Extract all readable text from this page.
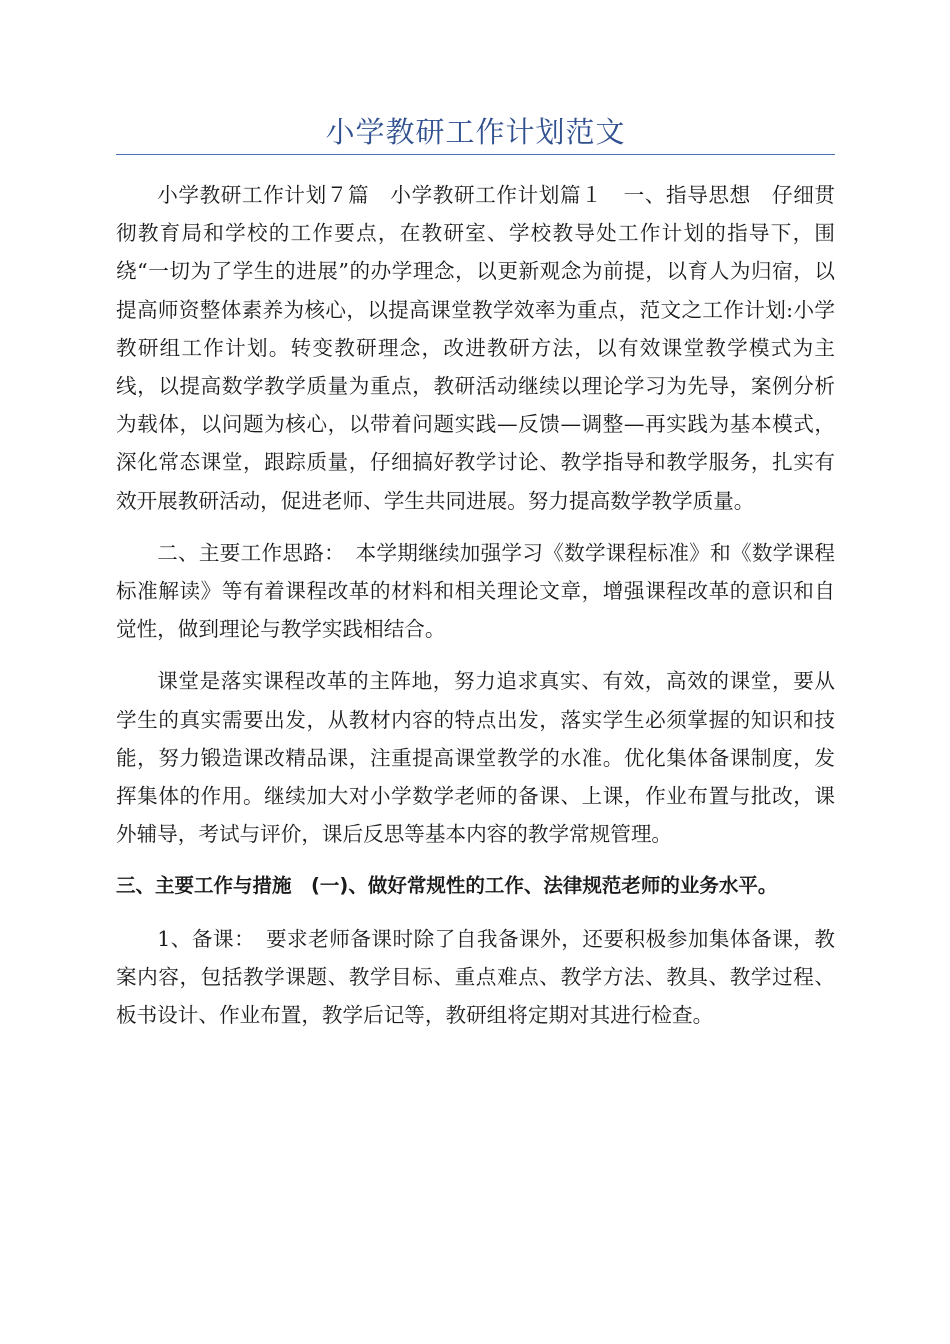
小学教研工作计划范文

小学教研工作计划７篇　小学教研工作计划篇１　一、指导思想　仔细贯彻教育局和学校的工作要点，在教研室、学校教导处工作计划的指导下，围绕“一切为了学生的进展”的办学理念，以更新观念为前提，以育人为归宿，以提高师资整体素养为核心，以提高课堂教学效率为重点，范文之工作计划:小学教研组工作计划。转变教研理念，改进教研方法，以有效课堂教学模式为主线，以提高数学教学质量为重点，教研活动继续以理论学习为先导，案例分析为载体，以问题为核心，以带着问题实践—反馈—调整—再实践为基本模式，深化常态课堂，跟踪质量，仔细搞好教学讨论、教学指导和教学服务，扎实有效开展教研活动，促进老师、学生共同进展。努力提高数学教学质量。

二、主要工作思路：　本学期继续加强学习《数学课程标准》和《数学课程标准解读》等有着课程改革的材料和相关理论文章，增强课程改革的意识和自觉性，做到理论与教学实践相结合。

课堂是落实课程改革的主阵地，努力追求真实、有效，高效的课堂，要从学生的真实需要出发，从教材内容的特点出发，落实学生必须掌握的知识和技能，努力锻造课改精品课，注重提高课堂教学的水准。优化集体备课制度，发挥集体的作用。继续加大对小学数学老师的备课、上课，作业布置与批改，课外辅导，考试与评价，课后反思等基本内容的教学常规管理。

三、主要工作与措施　(一)、做好常规性的工作、法律规范老师的业务水平。

1、备课：　要求老师备课时除了自我备课外，还要积极参加集体备课，教案内容，包括教学课题、教学目标、重点难点、教学方法、教具、教学过程、板书设计、作业布置，教学后记等，教研组将定期对其进行检查。
